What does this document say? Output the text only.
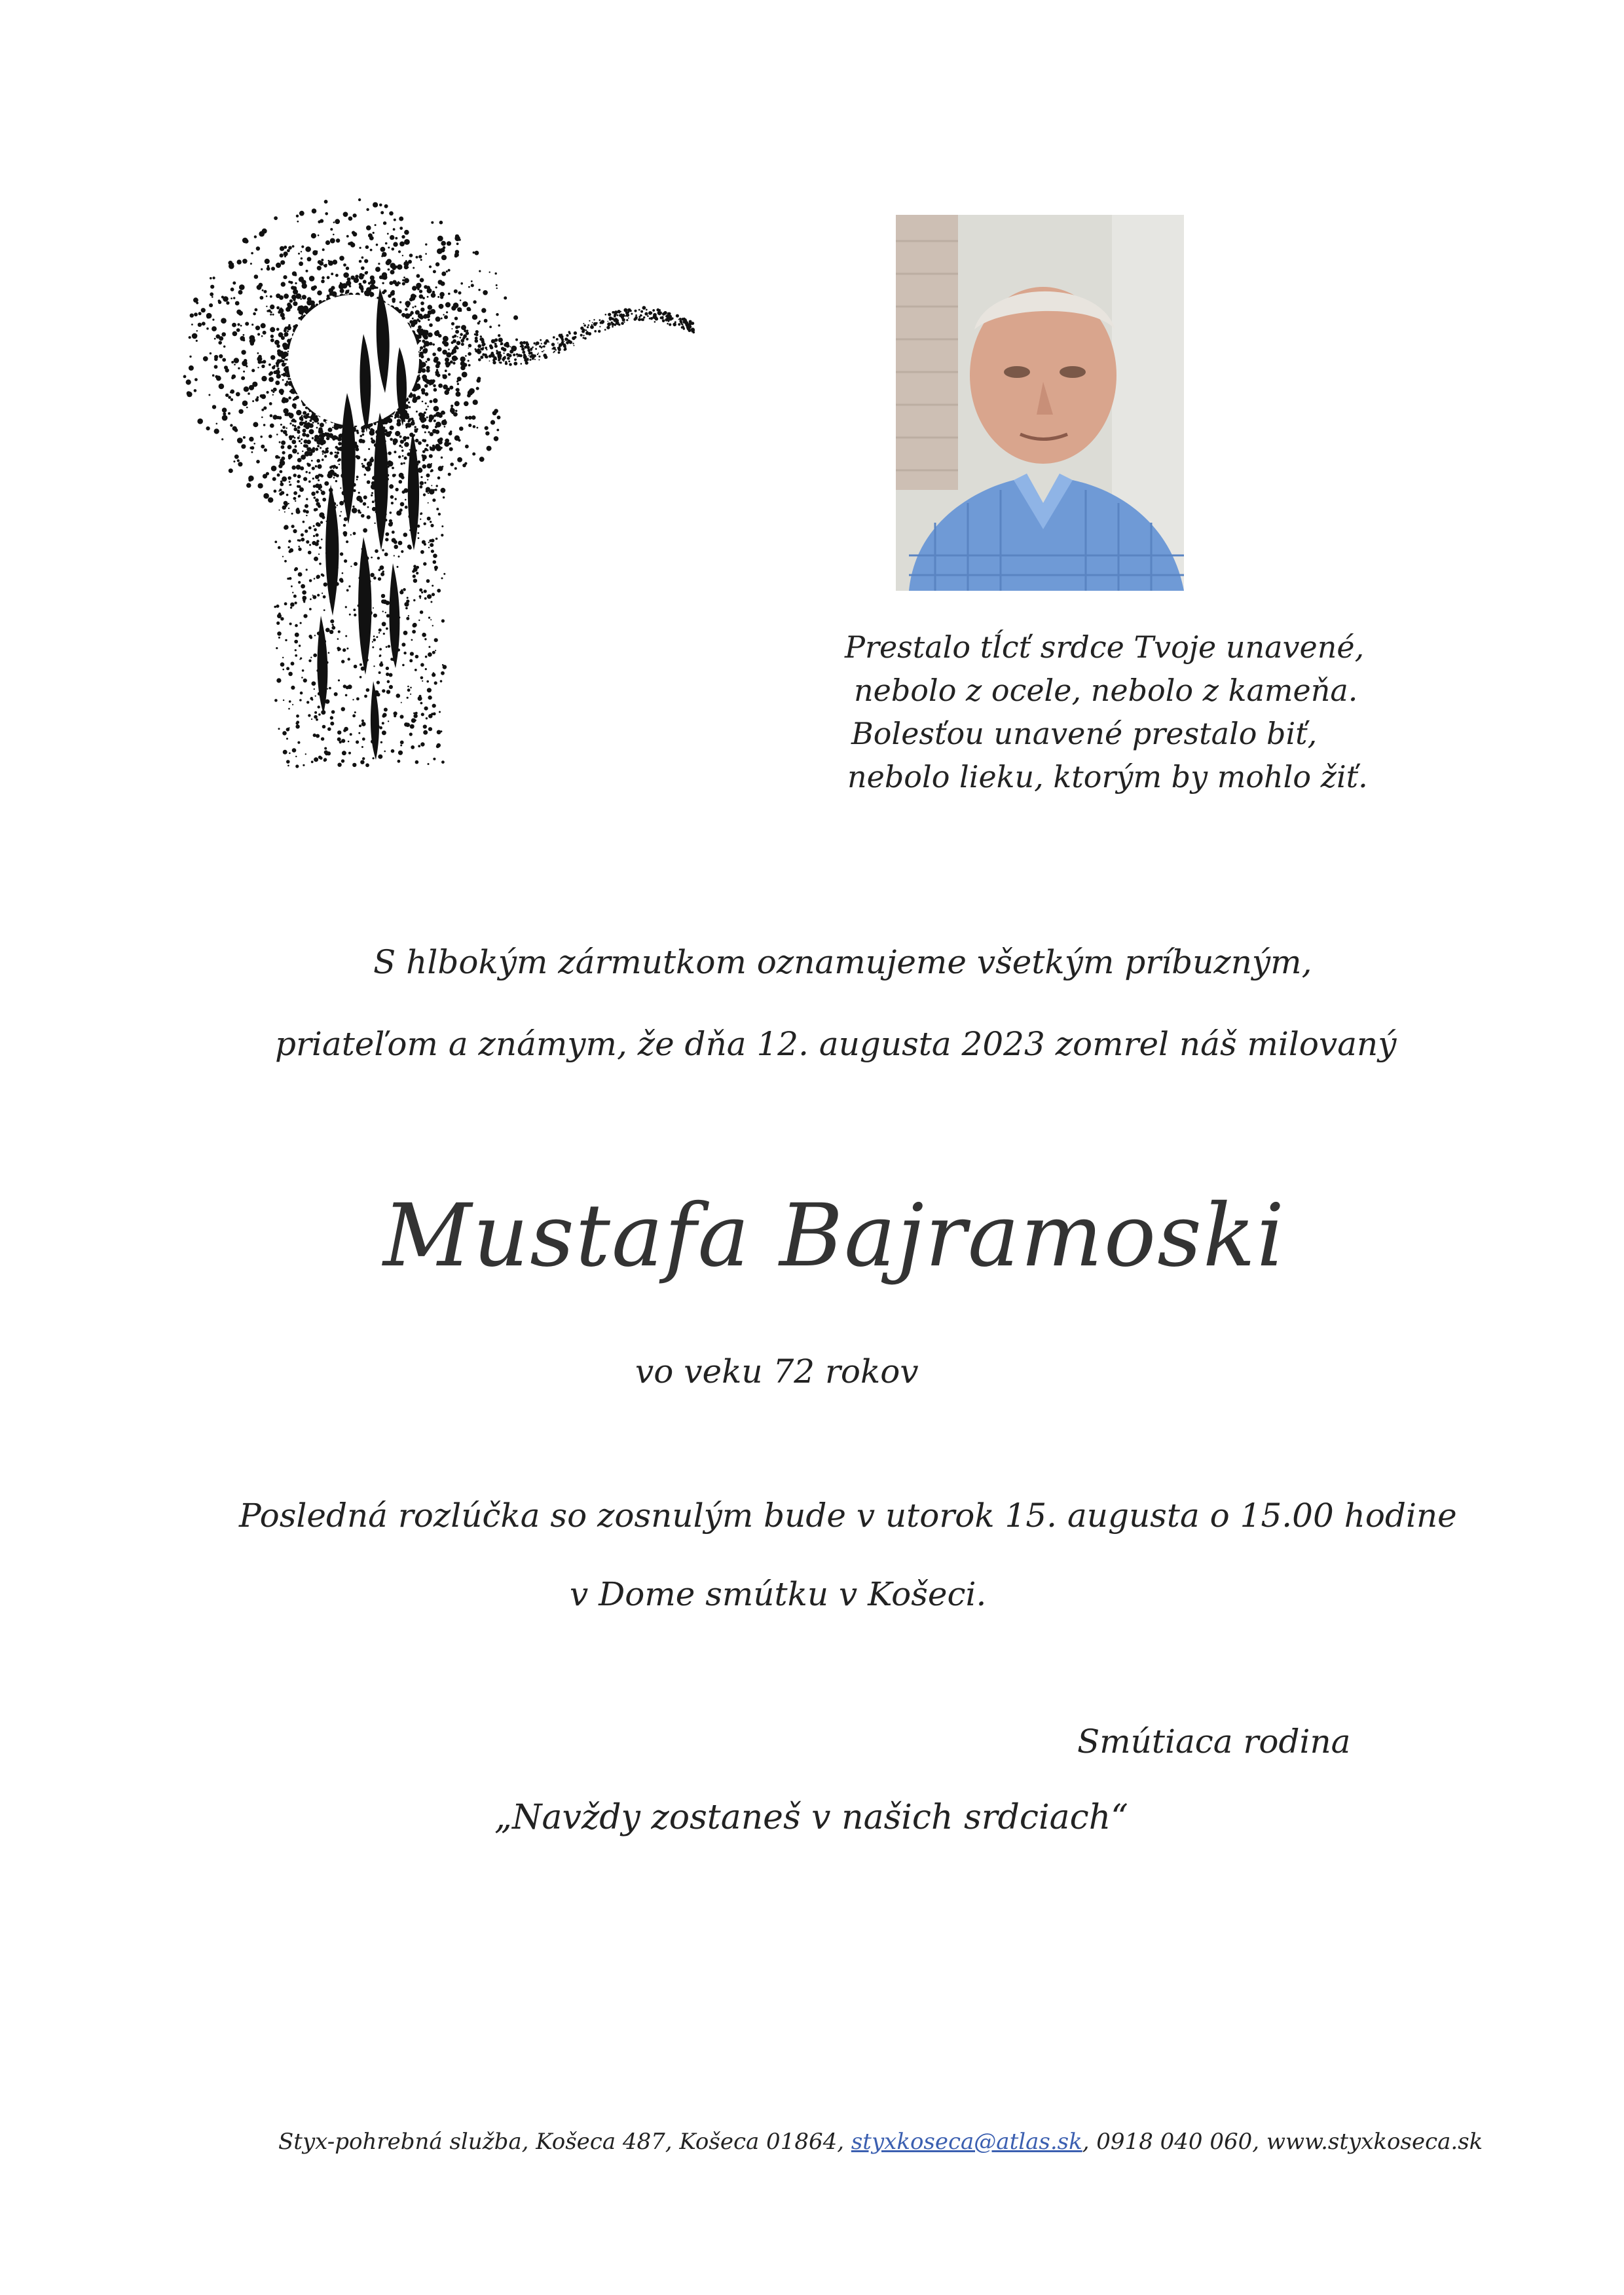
Prestalo tĺcť srdce Tvoje unavené,
nebolo z ocele, nebolo z kameňa.
Bolesťou unavené prestalo biť,
nebolo lieku, ktorým by mohlo žiť.
S hlbokým zármutkom oznamujeme všetkým príbuzným,
priateľom a známym, že dňa 12. augusta 2023 zomrel náš milovaný
Mustafa Bajramoski
vo veku 72 rokov
Posledná rozlúčka so zosnulým bude v utorok 15. augusta o 15.00 hodine
v Dome smútku v Košeci.
Smútiaca rodina
„Navždy zostaneš v našich srdciach“
Styx-pohrebná služba, Košeca 487, Košeca 01864, styxkoseca@atlas.sk, 0918 040 060, www.styxkoseca.sk
